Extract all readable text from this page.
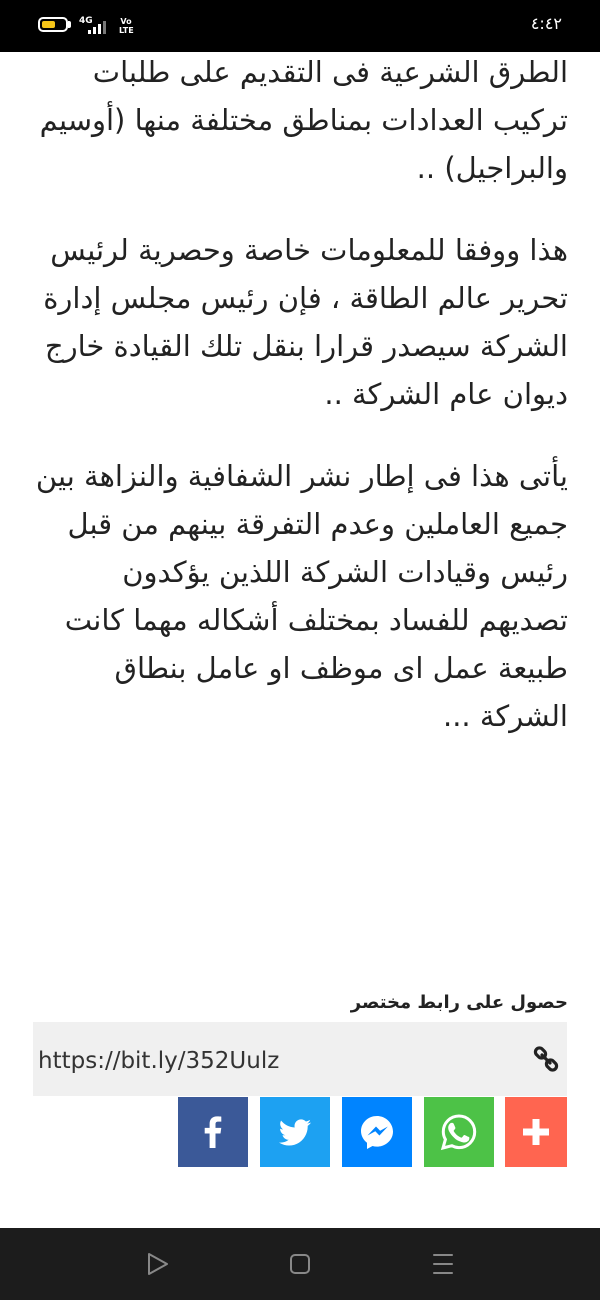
4G	Vo LTE	٤:٤٢

الطرق الشرعية فى التقديم على طلبات تركيب العدادات بمناطق مختلفة منها (أوسيم والبراجيل) ..

هذا ووفقا للمعلومات خاصة وحصرية لرئيس تحرير عالم الطاقة ، فإن رئيس مجلس إدارة الشركة سيصدر قرارا بنقل تلك القيادة خارج ديوان عام الشركة ..

يأتى هذا فى إطار نشر الشفافية والنزاهة بين جميع العاملين وعدم التفرقة بينهم من قبل رئيس وقيادات الشركة اللذين يؤكدون تصديهم للفساد بمختلف أشكاله مهما كانت طبيعة عمل اى موظف او عامل بنطاق الشركة ...

حصول على رابط مختصر
https://bit.ly/352Uulz
